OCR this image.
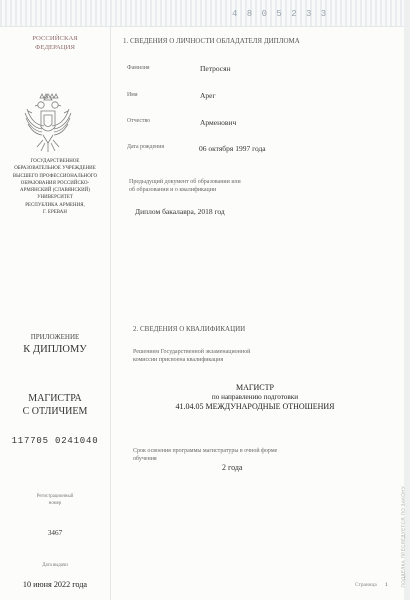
4 8 0 5 2 3 3
ПОДДЕЛКА ПРЕСЛЕДУЕТСЯ ПО ЗАКОНУ
РОССИЙСКАЯ
ФЕДЕРАЦИЯ
ГОСУДАРСТВЕННОЕ
ОБРАЗОВАТЕЛЬНОЕ УЧРЕЖДЕНИЕ
ВЫСШЕГО ПРОФЕССИОНАЛЬНОГО
ОБРАЗОВАНИЯ РОССИЙСКО-
АРМЯНСКИЙ (СЛАВЯНСКИЙ)
УНИВЕРСИТЕТ
РЕСПУБЛИКА АРМЕНИЯ,
Г. ЕРЕВАН
ПРИЛОЖЕНИЕ
К ДИПЛОМУ
МАГИСТРА
С ОТЛИЧИЕМ
117705 0241040
Регистрационный
номер
3467
Дата выдачи
10 июня 2022 года
1. СВЕДЕНИЯ О ЛИЧНОСТИ ОБЛАДАТЕЛЯ ДИПЛОМА
Фамилия	Петросян
Имя	Арег
Отчество	Арменович
Дата рождения	06 октября 1997 года
Предыдущий документ об образовании или
об образовании и о квалификации
Диплом бакалавра, 2018 год
2. СВЕДЕНИЯ О КВАЛИФИКАЦИИ
Решением Государственной экзаменационной
комиссии присвоена квалификация
МАГИСТР
по направлению подготовки
41.04.05 МЕЖДУНАРОДНЫЕ ОТНОШЕНИЯ
Срок освоения программы магистратуры в очной форме
обучения
2 года
Страница 1
